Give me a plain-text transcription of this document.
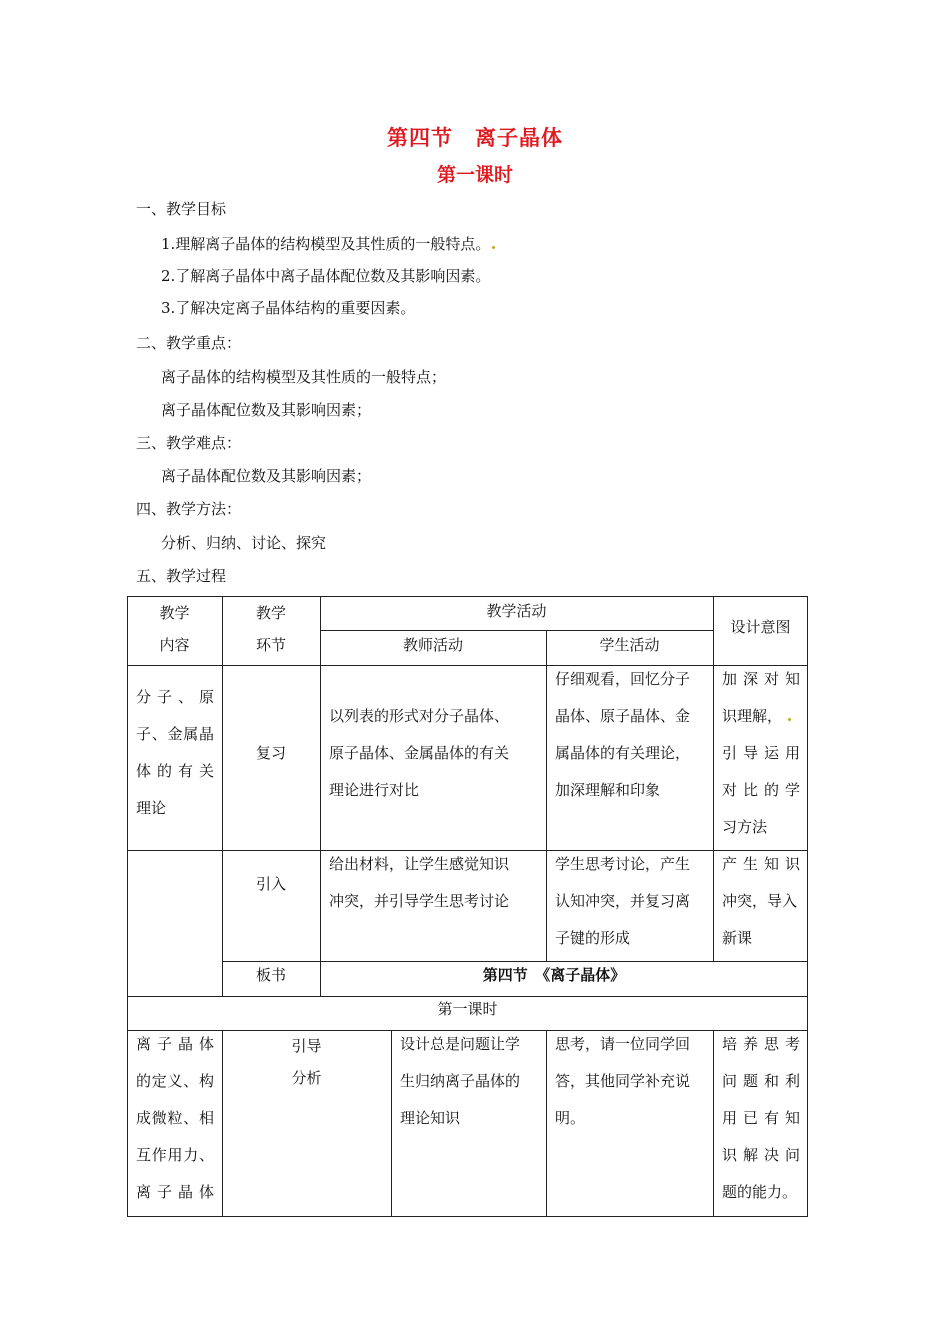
第四节　离子晶体
第一课时
一、教学目标
1.理解离子晶体的结构模型及其性质的一般特点。
2.了解离子晶体中离子晶体配位数及其影响因素。
3.了解决定离子晶体结构的重要因素。
二、教学重点：
离子晶体的结构模型及其性质的一般特点；
离子晶体配位数及其影响因素；
三、教学难点：
离子晶体配位数及其影响因素；
四、教学方法：
分析、归纳、讨论、探究
五、教学过程
教学
内容
教学
环节
教学活动
教师活动	学生活动
设计意图
分子、原
子、金属晶
体的有关
理论
复习
以列表的形式对分子晶体、
原子晶体、金属晶体的有关
理论进行对比
仔细观看，回忆分子
晶体、原子晶体、金
属晶体的有关理论，
加深理解和印象
加深对知
识理解，
引导运用
对比的学
习方法
引入
给出材料，让学生感觉知识
冲突，并引导学生思考讨论
学生思考讨论，产生
认知冲突，并复习离
子键的形成
产生知识
冲突，导入
新课
板书	第四节　《离子晶体》
第一课时
离子晶体
的定义、构
成微粒、相
互作用力、
离子晶体
引导
分析
设计总是问题让学
生归纳离子晶体的
理论知识
思考，请一位同学回
答，其他同学补充说
明。
培养思考
问题和利
用已有知
识解决问
题的能力。
